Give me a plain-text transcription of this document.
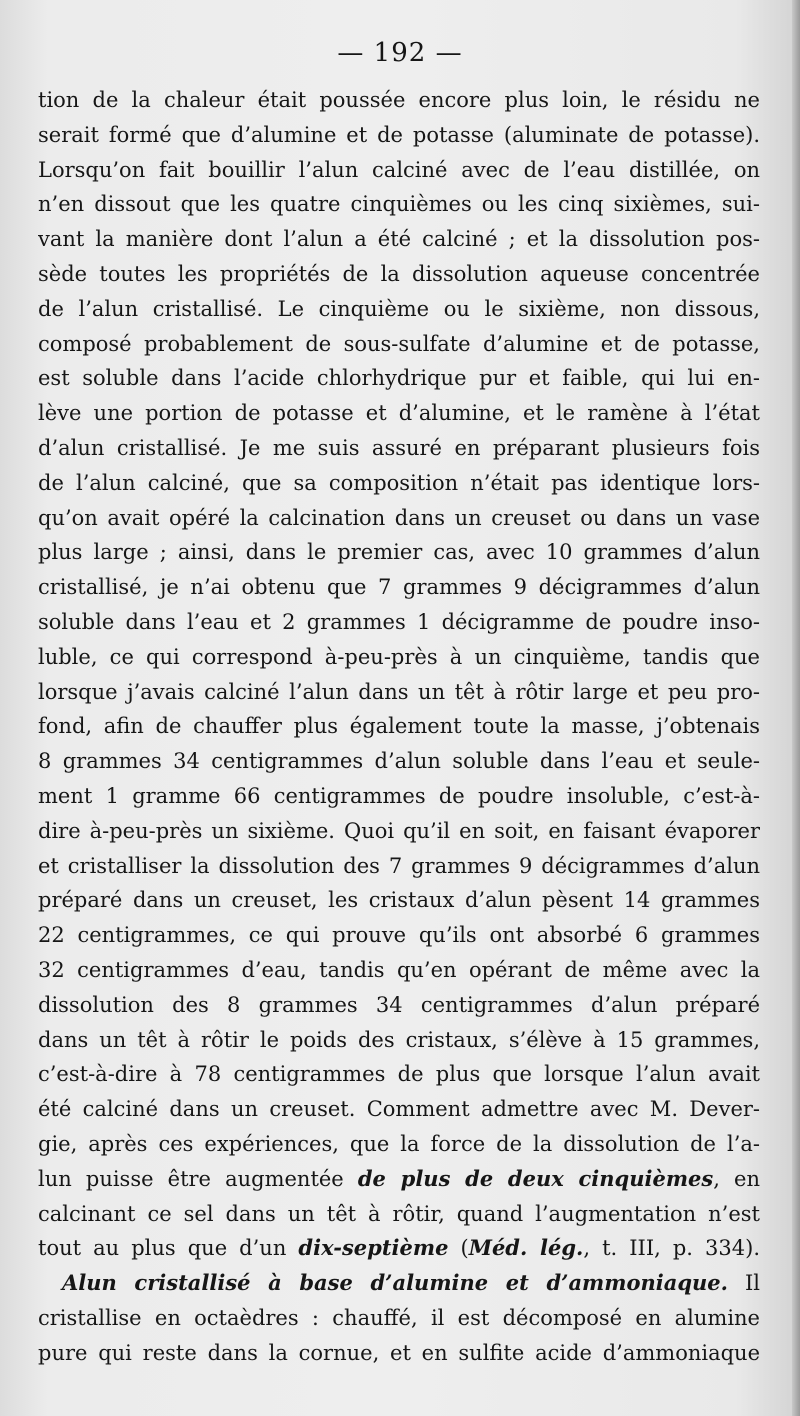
— 192 —
tion de la chaleur était poussée encore plus loin, le résidu ne
serait formé que d’alumine et de potasse (aluminate de potasse).
Lorsqu’on fait bouillir l’alun calciné avec de l’eau distillée, on
n’en dissout que les quatre cinquièmes ou les cinq sixièmes, sui-
vant la manière dont l’alun a été calciné ; et la dissolution pos-
sède toutes les propriétés de la dissolution aqueuse concentrée
de l’alun cristallisé. Le cinquième ou le sixième, non dissous,
composé probablement de sous-sulfate d’alumine et de potasse,
est soluble dans l’acide chlorhydrique pur et faible, qui lui en-
lève une portion de potasse et d’alumine, et le ramène à l’état
d’alun cristallisé. Je me suis assuré en préparant plusieurs fois
de l’alun calciné, que sa composition n’était pas identique lors-
qu’on avait opéré la calcination dans un creuset ou dans un vase
plus large ; ainsi, dans le premier cas, avec 10 grammes d’alun
cristallisé, je n’ai obtenu que 7 grammes 9 décigrammes d’alun
soluble dans l’eau et 2 grammes 1 décigramme de poudre inso-
luble, ce qui correspond à-peu-près à un cinquième, tandis que
lorsque j’avais calciné l’alun dans un têt à rôtir large et peu pro-
fond, afin de chauffer plus également toute la masse, j’obtenais
8 grammes 34 centigrammes d’alun soluble dans l’eau et seule-
ment 1 gramme 66 centigrammes de poudre insoluble, c’est-à-
dire à-peu-près un sixième. Quoi qu’il en soit, en faisant évaporer
et cristalliser la dissolution des 7 grammes 9 décigrammes d’alun
préparé dans un creuset, les cristaux d’alun pèsent 14 grammes
22 centigrammes, ce qui prouve qu’ils ont absorbé 6 grammes
32 centigrammes d’eau, tandis qu’en opérant de même avec la
dissolution des 8 grammes 34 centigrammes d’alun préparé
dans un têt à rôtir le poids des cristaux, s’élève à 15 grammes,
c’est-à-dire à 78 centigrammes de plus que lorsque l’alun avait
été calciné dans un creuset. Comment admettre avec M. Dever-
gie, après ces expériences, que la force de la dissolution de l’a-
lun puisse être augmentée de plus de deux cinquièmes, en
calcinant ce sel dans un têt à rôtir, quand l’augmentation n’est
tout au plus que d’un dix-septième (Méd. lég., t. III, p. 334).
Alun cristallisé à base d’alumine et d’ammoniaque. Il
cristallise en octaèdres : chauffé, il est décomposé en alumine
pure qui reste dans la cornue, et en sulfite acide d’ammoniaque
